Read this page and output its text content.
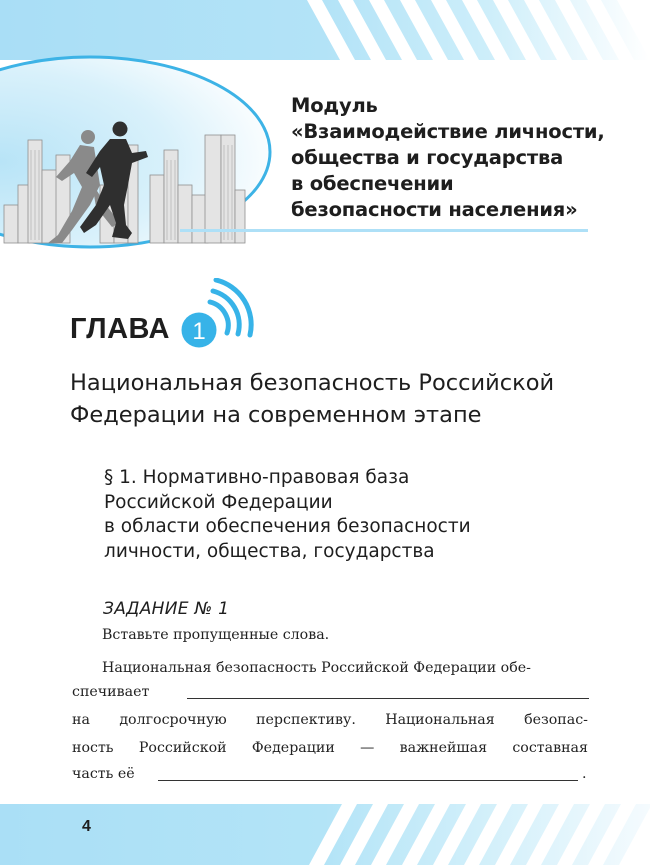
Модуль
«Взаимодействие личности,
общества и государства
в обеспечении
безопасности населения»
ГЛАВА 1
Национальная безопасность Российской
Федерации на современном этапе
§ 1. Нормативно-правовая база
Российской Федерации
в области обеспечения безопасности
личности, общества, государства
ЗАДАНИЕ № 1
Вставьте пропущенные слова.
Национальная безопасность Российской Федерации обе-
спечивает
на долгосрочную перспективу. Национальная безопас-
ность Российской Федерации — важнейшая составная
часть её	.
4
